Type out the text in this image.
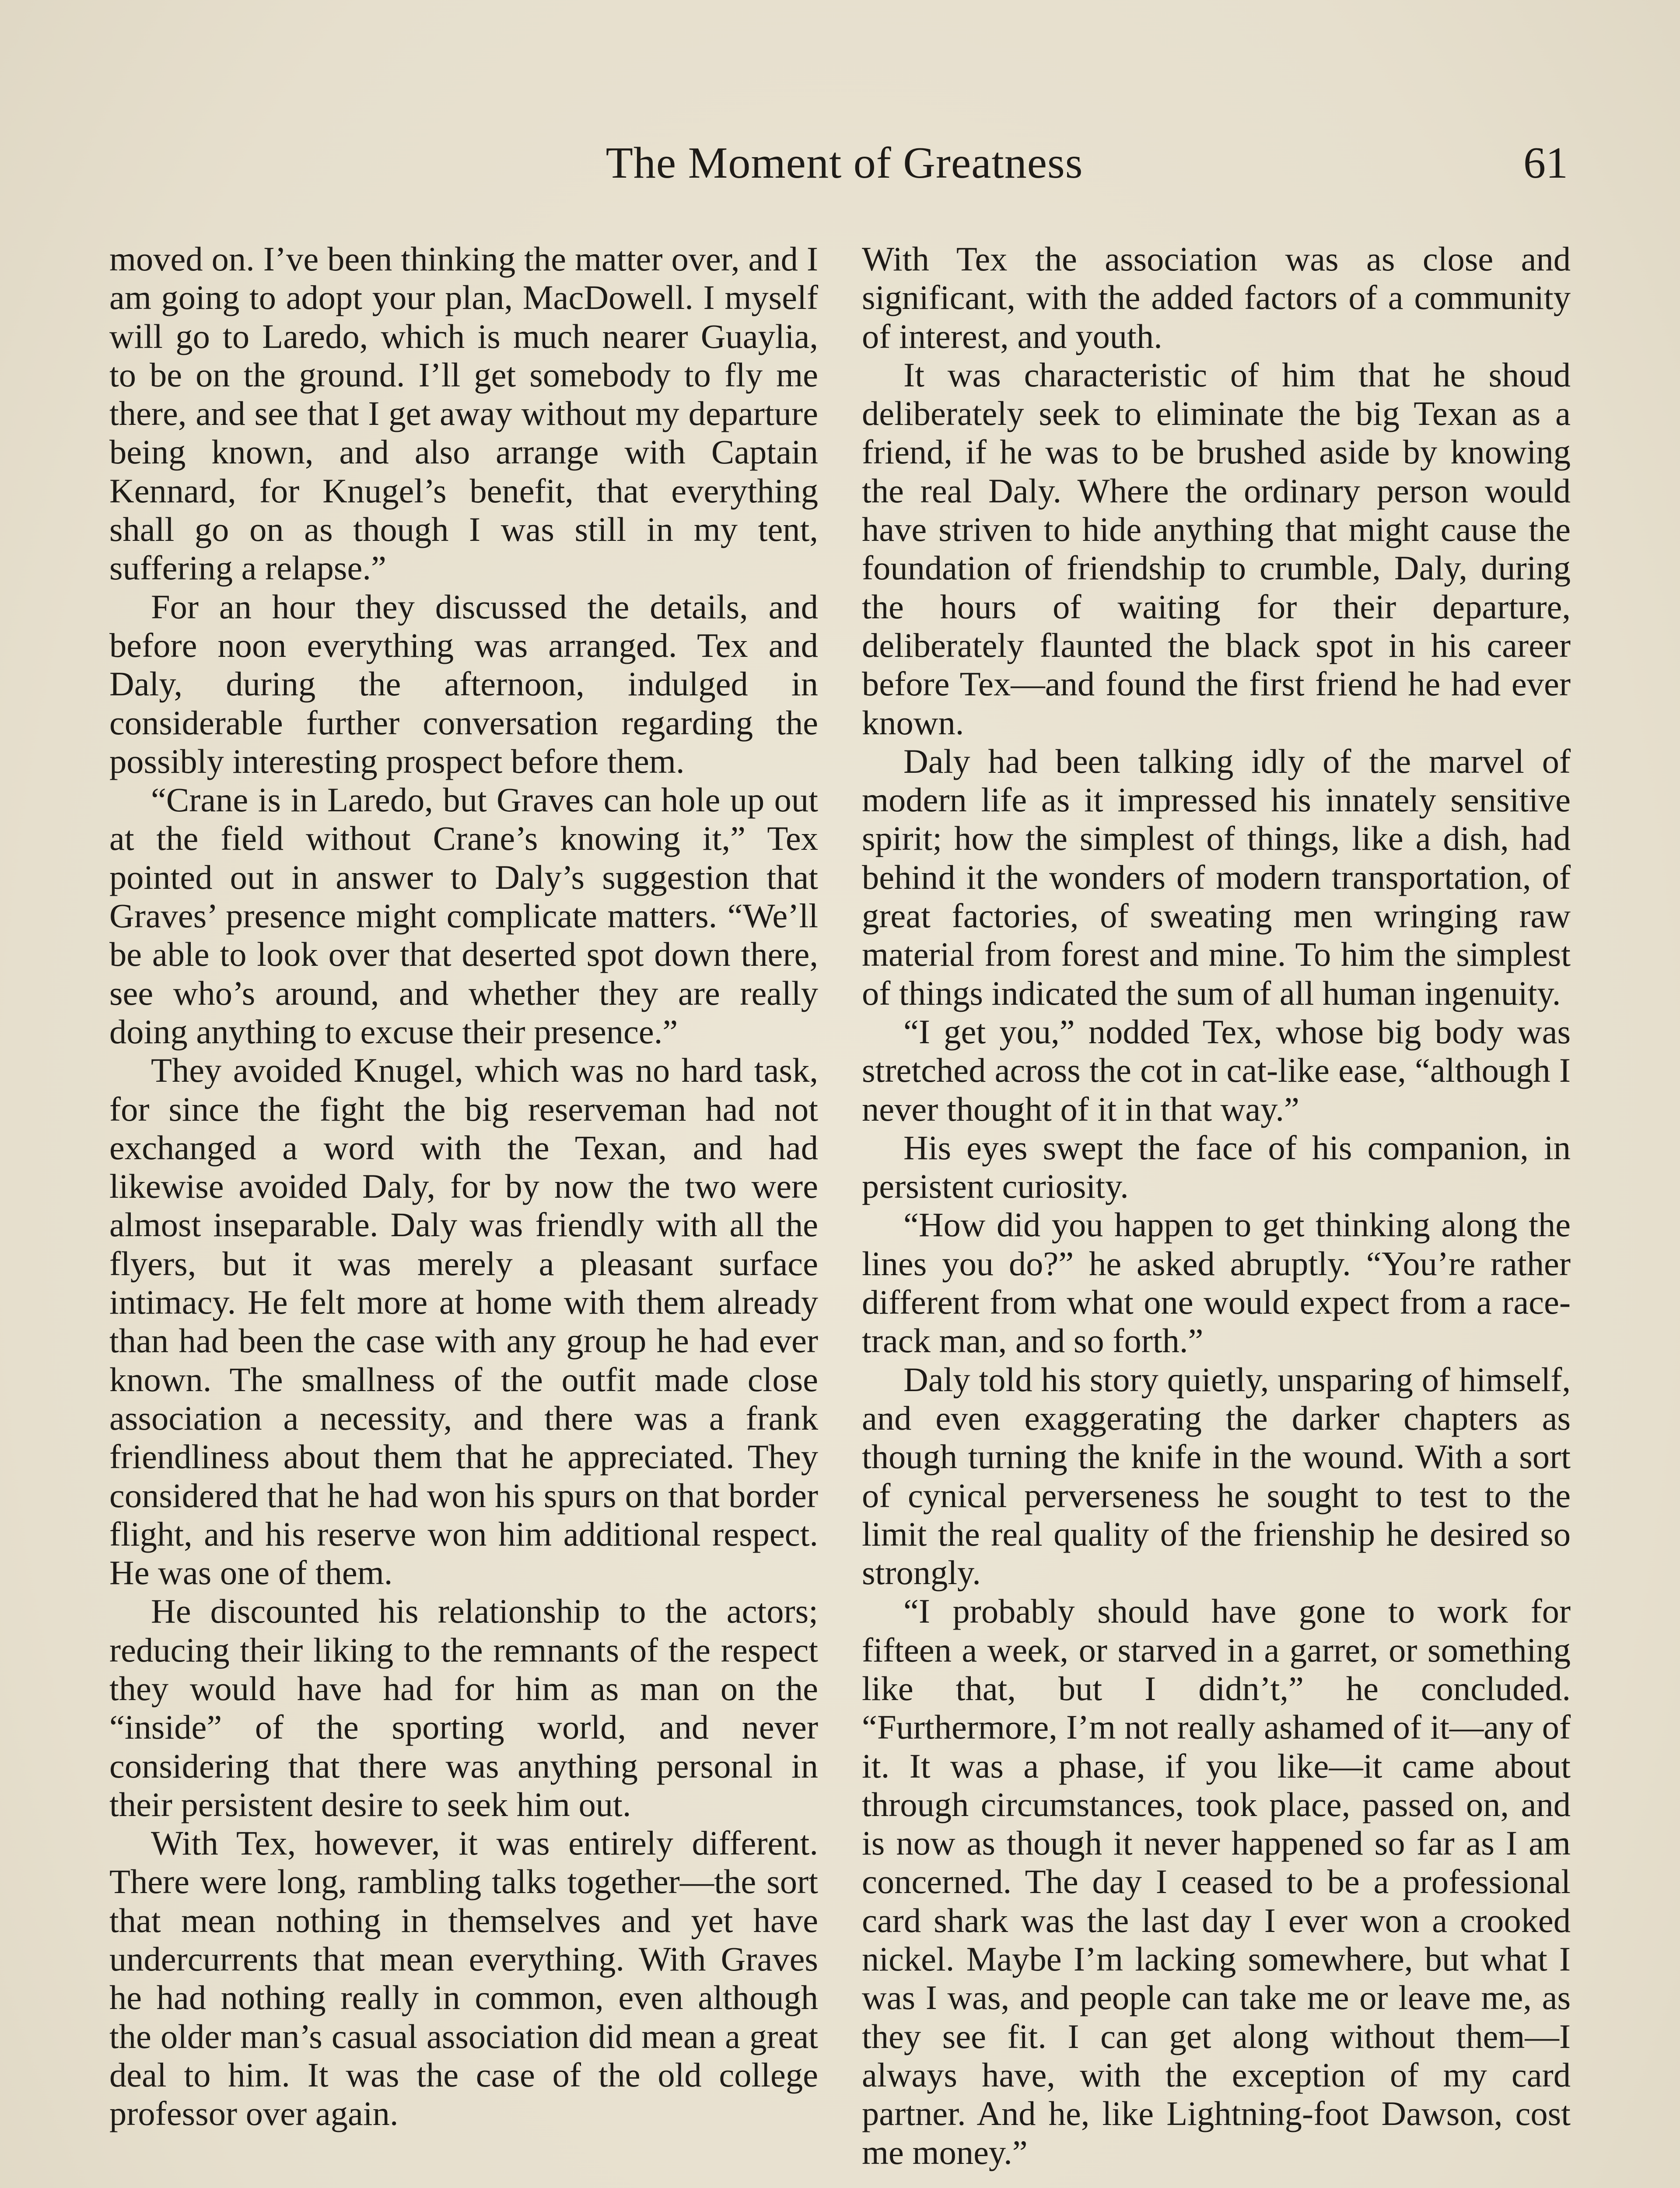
The Moment of Greatness	61

moved on. I’ve been thinking the matter over, and I am going to adopt your plan, MacDowell. I myself will go to Laredo, which is much nearer Guaylia, to be on the ground. I’ll get somebody to fly me there, and see that I get away without my departure being known, and also arrange with Captain Kennard, for Knugel’s benefit, that everything shall go on as though I was still in my tent, suffering a relapse.”

For an hour they discussed the details, and before noon everything was arranged. Tex and Daly, during the afternoon, indulged in considerable further conversation regarding the possibly interesting prospect before them.

“Crane is in Laredo, but Graves can hole up out at the field without Crane’s knowing it,” Tex pointed out in answer to Daly’s suggestion that Graves’ presence might complicate matters. “We’ll be able to look over that deserted spot down there, see who’s around, and whether they are really doing anything to excuse their presence.”

They avoided Knugel, which was no hard task, for since the fight the big reserveman had not exchanged a word with the Texan, and had likewise avoided Daly, for by now the two were almost inseparable. Daly was friendly with all the flyers, but it was merely a pleasant surface intimacy. He felt more at home with them already than had been the case with any group he had ever known. The smallness of the outfit made close association a necessity, and there was a frank friendliness about them that he appreciated. They considered that he had won his spurs on that border flight, and his reserve won him additional respect. He was one of them.

He discounted his relationship to the actors; reducing their liking to the remnants of the respect they would have had for him as man on the “inside” of the sporting world, and never considering that there was anything personal in their persistent desire to seek him out.

With Tex, however, it was entirely different. There were long, rambling talks together—the sort that mean nothing in themselves and yet have undercurrents that mean everything. With Graves he had nothing really in common, even although the older man’s casual association did mean a great deal to him. It was the case of the old college professor over again.

With Tex the association was as close and significant, with the added factors of a community of interest, and youth.

It was characteristic of him that he shoud deliberately seek to eliminate the big Texan as a friend, if he was to be brushed aside by knowing the real Daly. Where the ordinary person would have striven to hide anything that might cause the foundation of friendship to crumble, Daly, during the hours of waiting for their departure, deliberately flaunted the black spot in his career before Tex—and found the first friend he had ever known.

Daly had been talking idly of the marvel of modern life as it impressed his innately sensitive spirit; how the simplest of things, like a dish, had behind it the wonders of modern transportation, of great factories, of sweating men wringing raw material from forest and mine. To him the simplest of things indicated the sum of all human ingenuity.

“I get you,” nodded Tex, whose big body was stretched across the cot in cat-like ease, “although I never thought of it in that way.”

His eyes swept the face of his companion, in persistent curiosity.

“How did you happen to get thinking along the lines you do?” he asked abruptly. “You’re rather different from what one would expect from a race-track man, and so forth.”

Daly told his story quietly, unsparing of himself, and even exaggerating the darker chapters as though turning the knife in the wound. With a sort of cynical perverseness he sought to test to the limit the real quality of the frienship he desired so strongly.

“I probably should have gone to work for fifteen a week, or starved in a garret, or something like that, but I didn’t,” he concluded. “Furthermore, I’m not really ashamed of it—any of it. It was a phase, if you like—it came about through circumstances, took place, passed on, and is now as though it never happened so far as I am concerned. The day I ceased to be a professional card shark was the last day I ever won a crooked nickel. Maybe I’m lacking somewhere, but what I was I was, and people can take me or leave me, as they see fit. I can get along without them—I always have, with the exception of my card partner. And he, like Lightning-foot Dawson, cost me money.”
